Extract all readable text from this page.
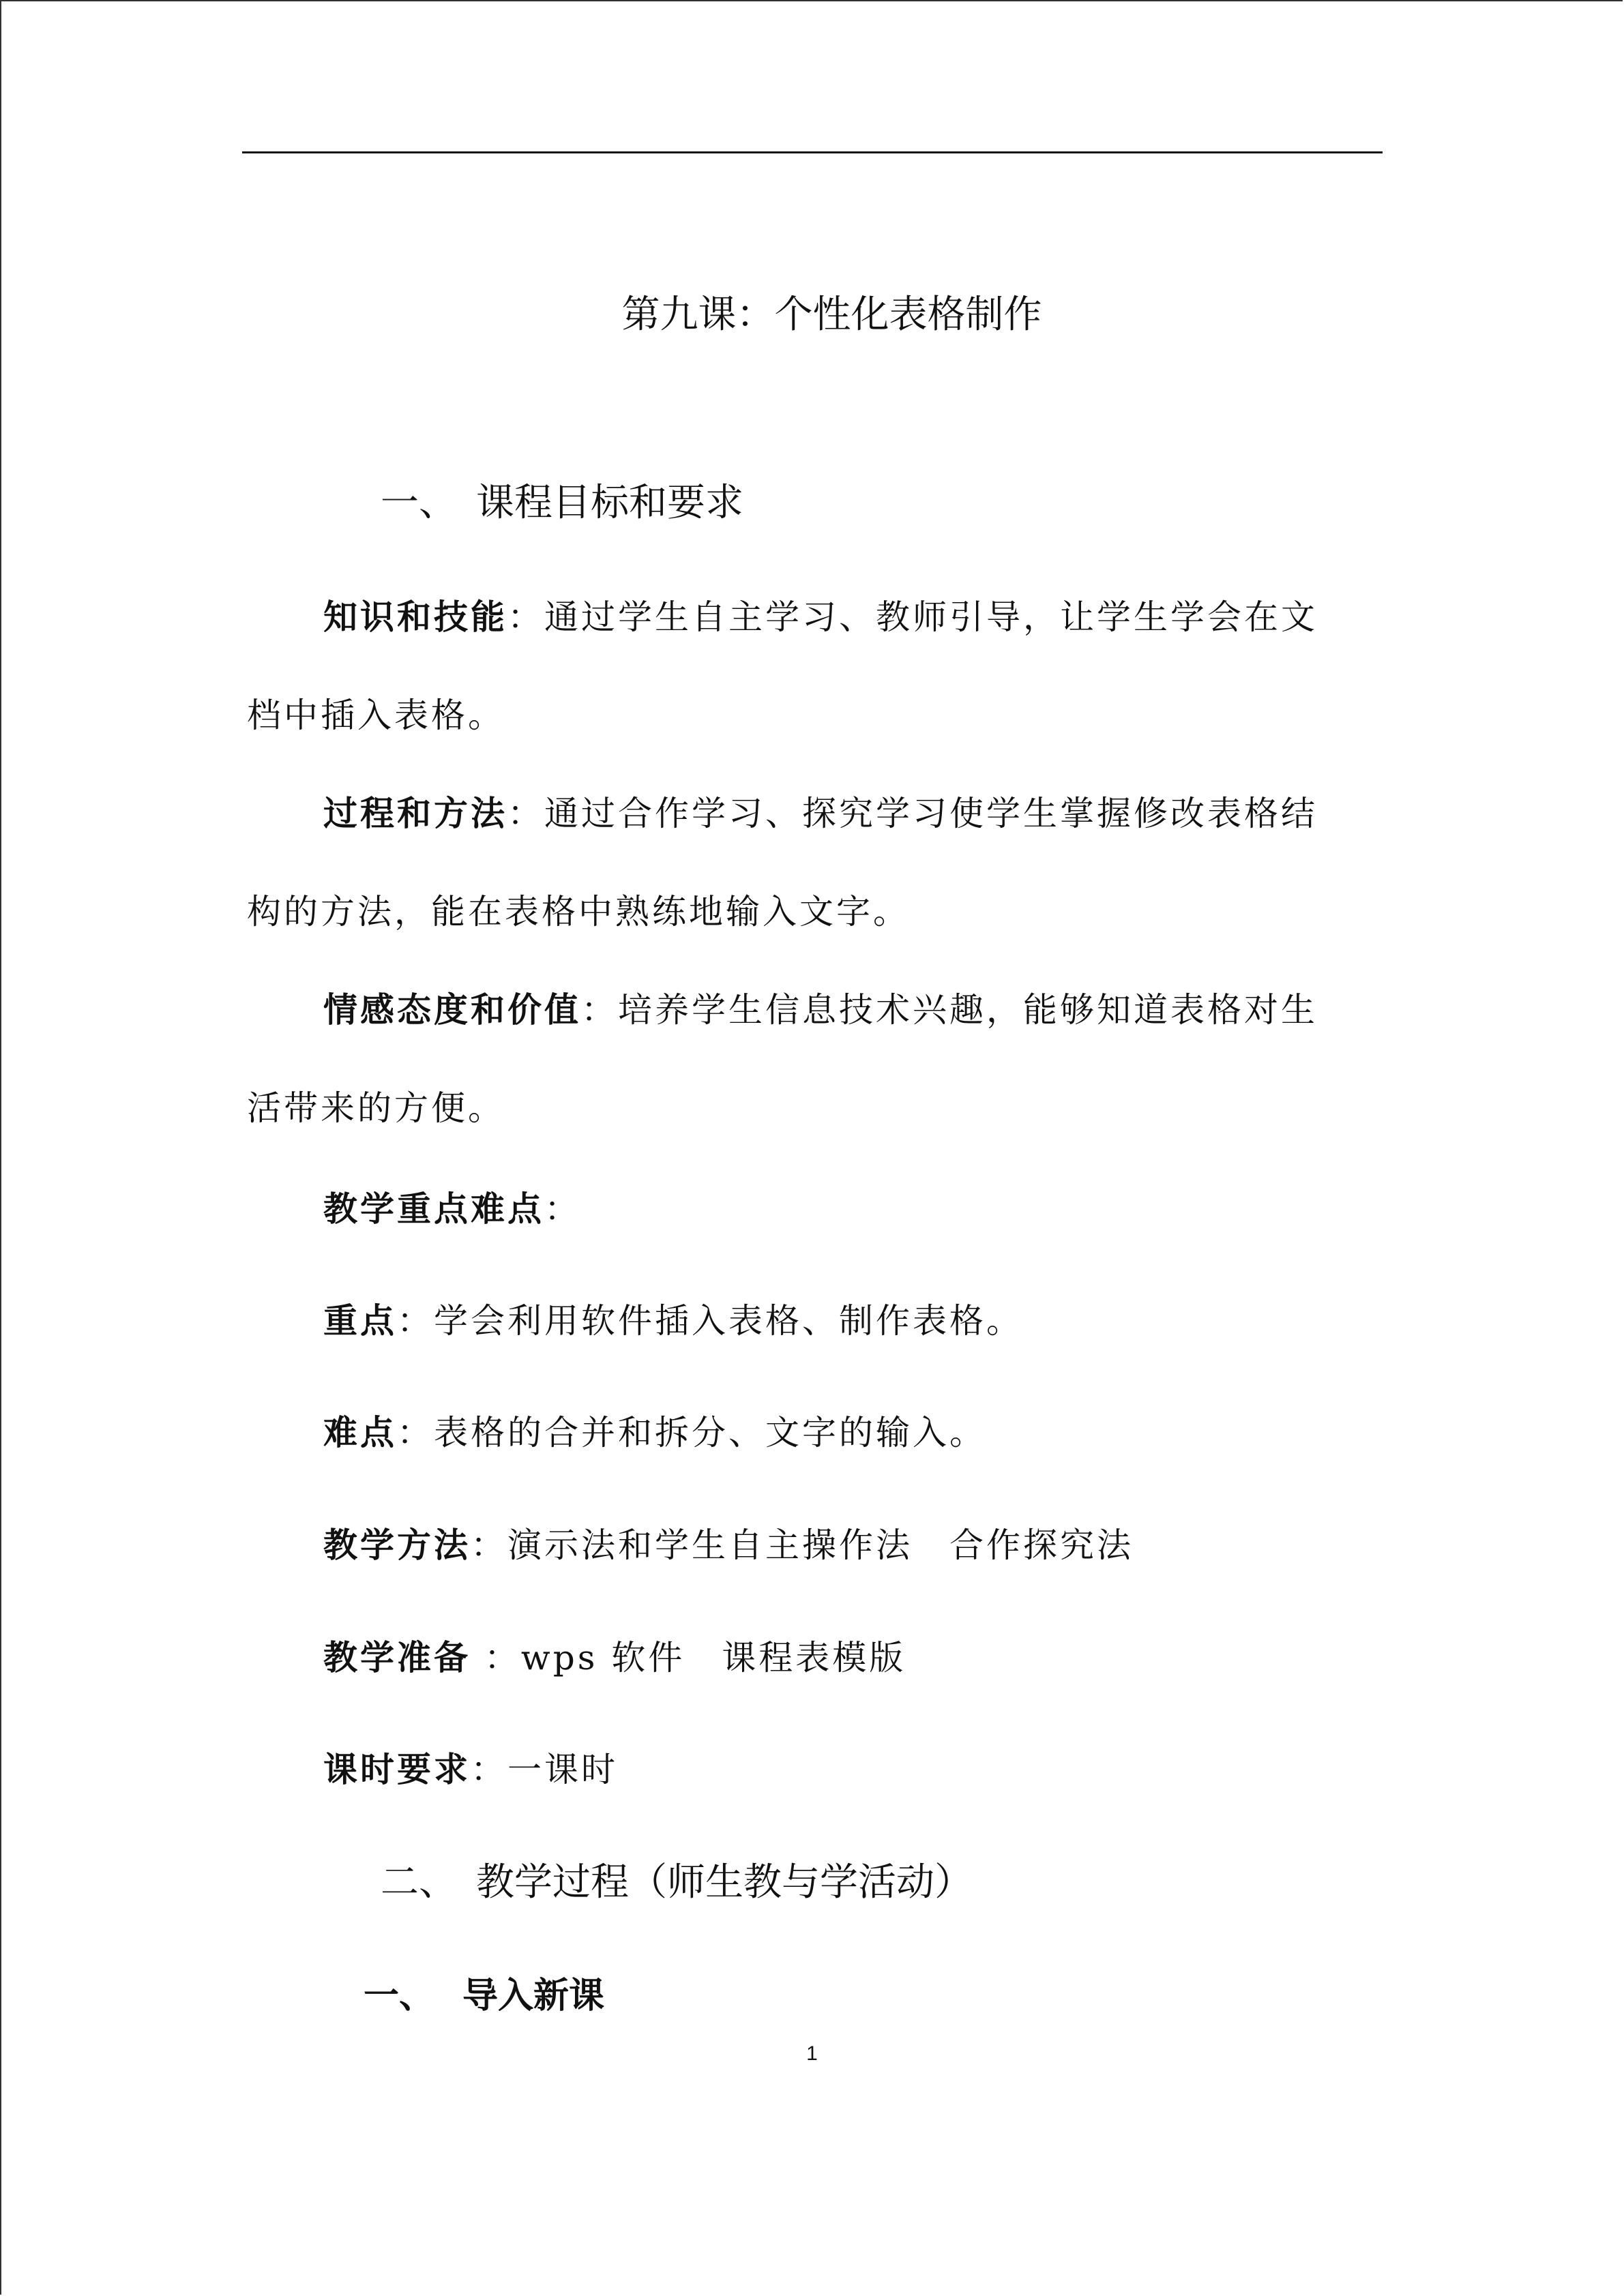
第九课：个性化表格制作
一、 课程目标和要求
知识和技能：通过学生自主学习、教师引导，让学生学会在文档中插入表格。
过程和方法：通过合作学习、探究学习使学生掌握修改表格结构的方法，能在表格中熟练地输入文字。
情感态度和价值：培养学生信息技术兴趣，能够知道表格对生活带来的方便。
教学重点难点：
重点：学会利用软件插入表格、制作表格。
难点：表格的合并和拆分、文字的输入。
教学方法：演示法和学生自主操作法　合作探究法
教学准备 ：wps 软件　课程表模版
课时要求：一课时
二、 教学过程（师生教与学活动）
一、 导入新课
1
